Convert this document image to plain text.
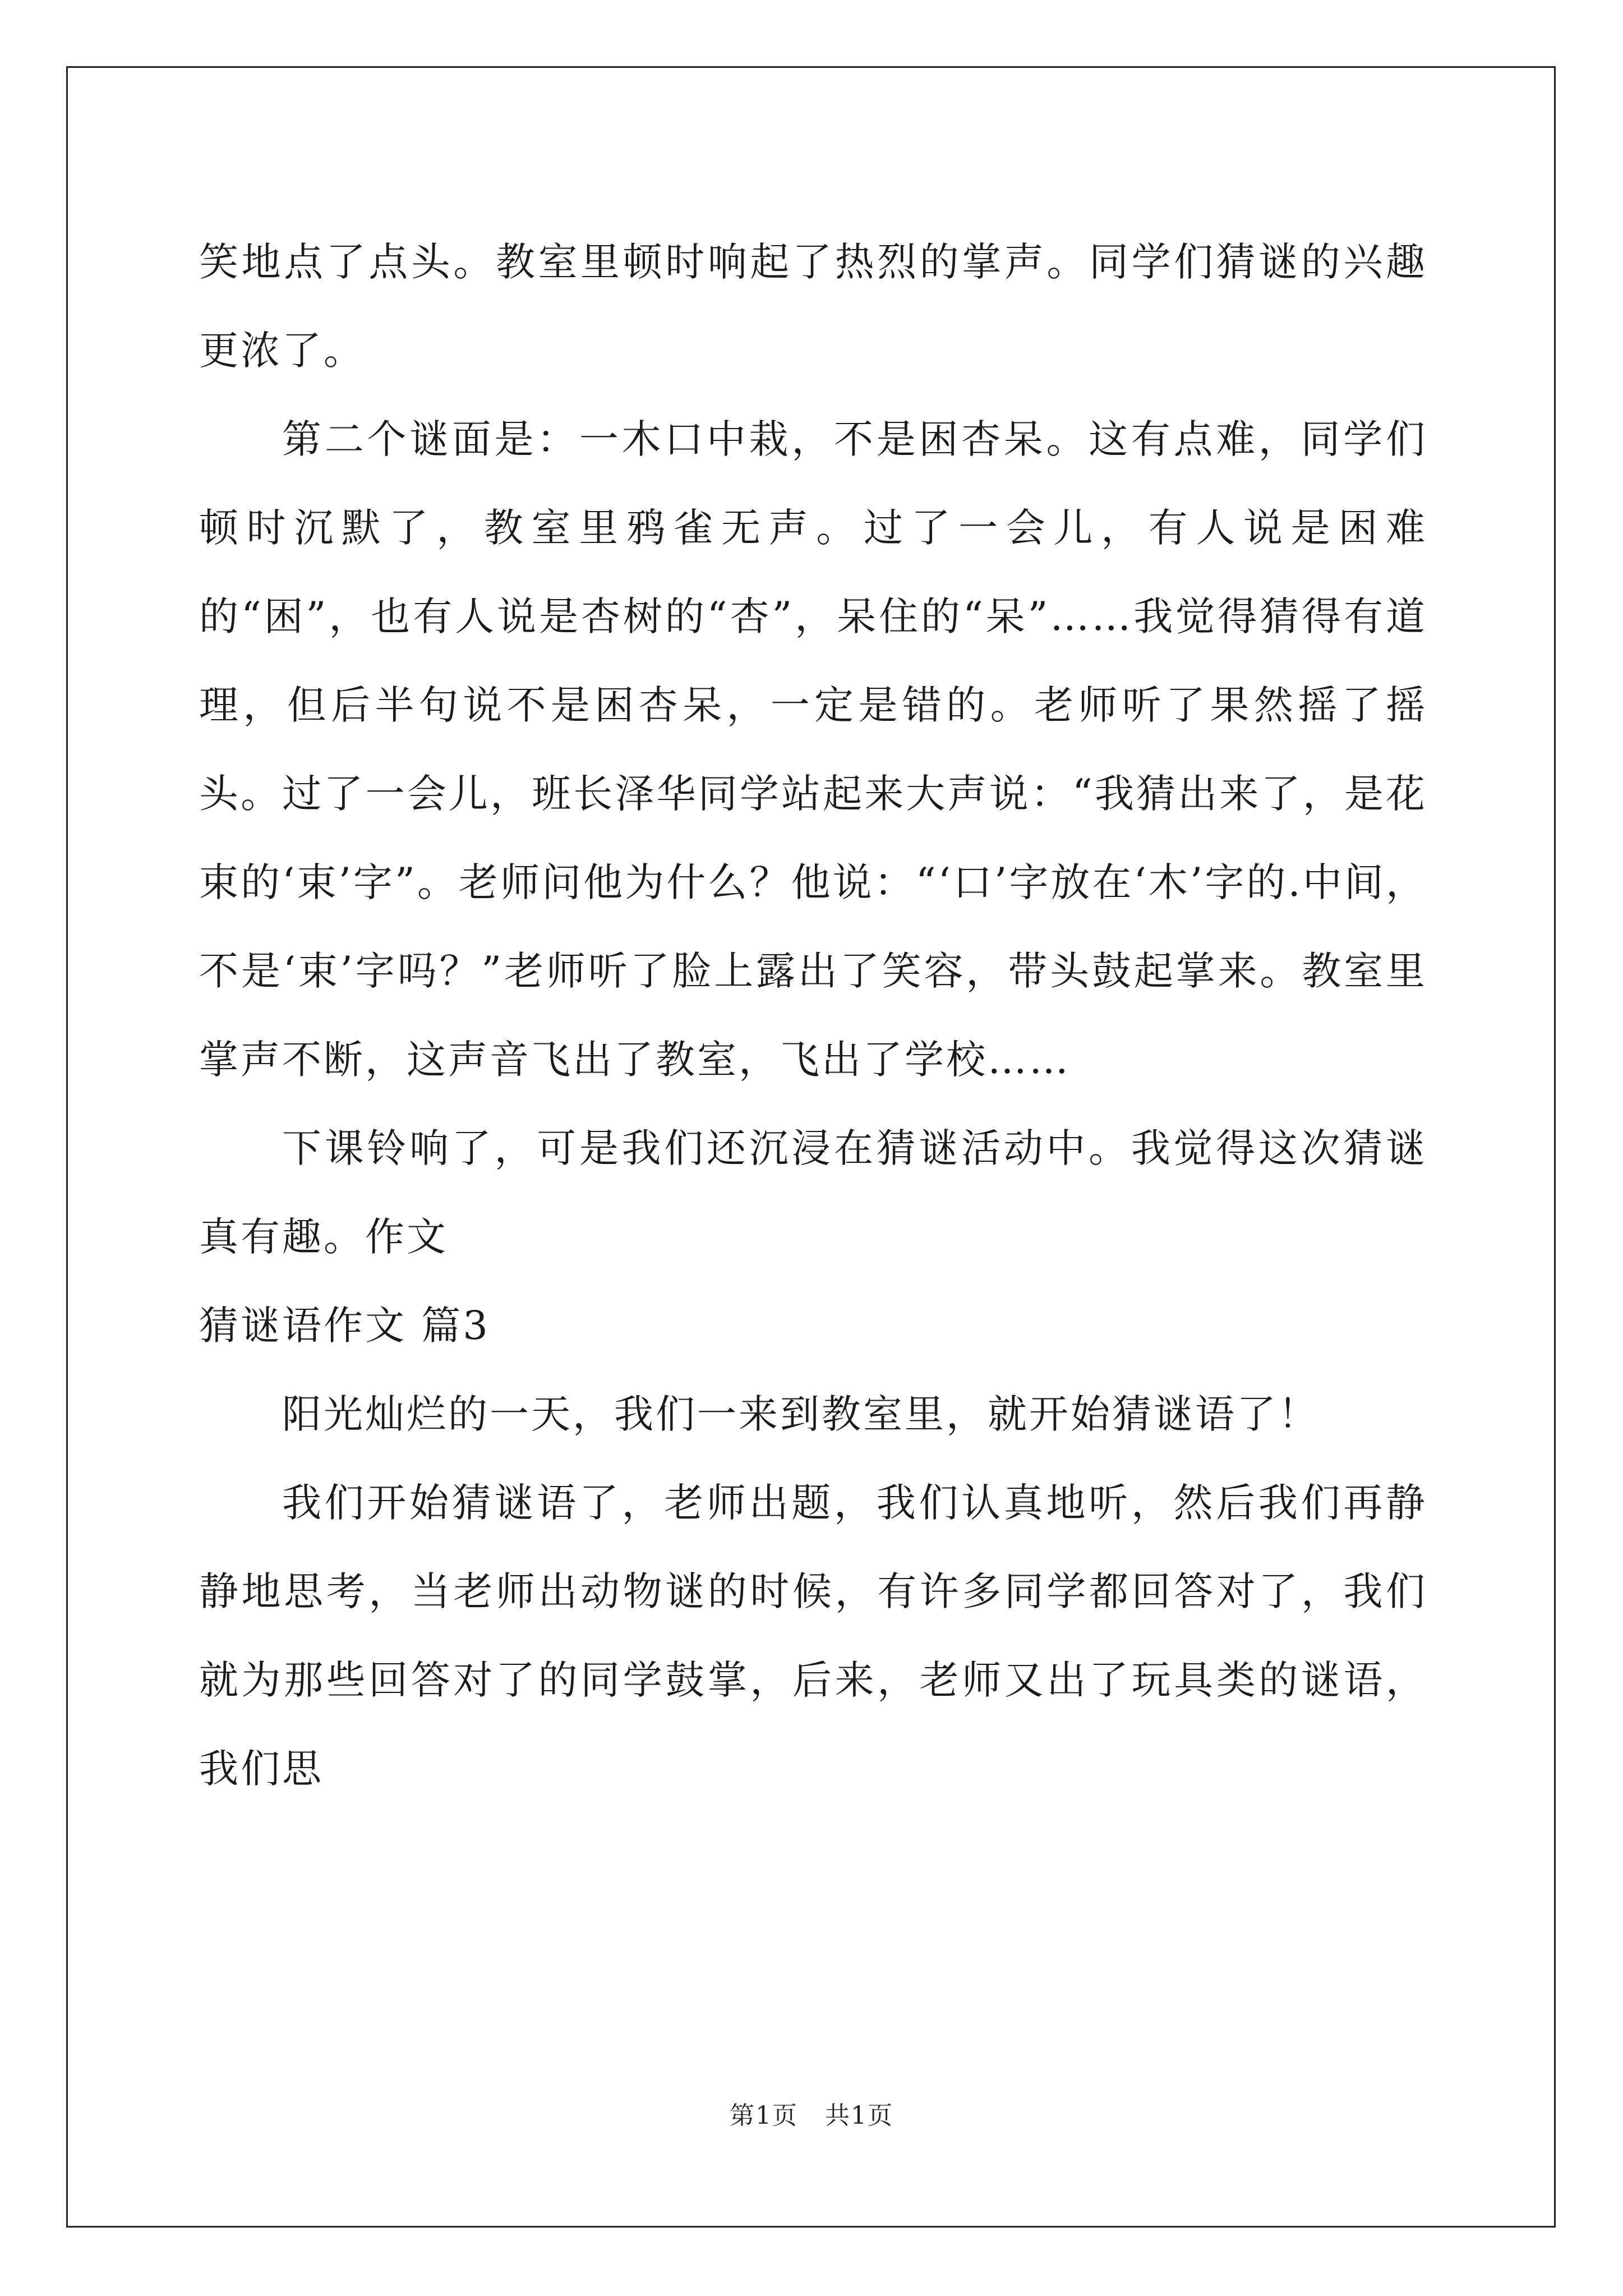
笑地点了点头。教室里顿时响起了热烈的掌声。同学们猜谜的兴趣更浓了。

第二个谜面是：一木口中栽，不是困杏呆。这有点难，同学们顿时沉默了，教室里鸦雀无声。过了一会儿，有人说是困难的“困”，也有人说是杏树的“杏”，呆住的“呆”……我觉得猜得有道理，但后半句说不是困杏呆，一定是错的。老师听了果然摇了摇头。过了一会儿，班长泽华同学站起来大声说：“我猜出来了，是花束的‘束’字”。老师问他为什么？他说：“‘口’字放在‘木’字的.中间，不是‘束’字吗？”老师听了脸上露出了笑容，带头鼓起掌来。教室里掌声不断，这声音飞出了教室，飞出了学校……

下课铃响了，可是我们还沉浸在猜谜活动中。我觉得这次猜谜真有趣。作文

猜谜语作文 篇3

阳光灿烂的一天，我们一来到教室里，就开始猜谜语了！

我们开始猜谜语了，老师出题，我们认真地听，然后我们再静静地思考，当老师出动物谜的时候，有许多同学都回答对了，我们就为那些回答对了的同学鼓掌，后来，老师又出了玩具类的谜语，我们思

第1页 共1页
